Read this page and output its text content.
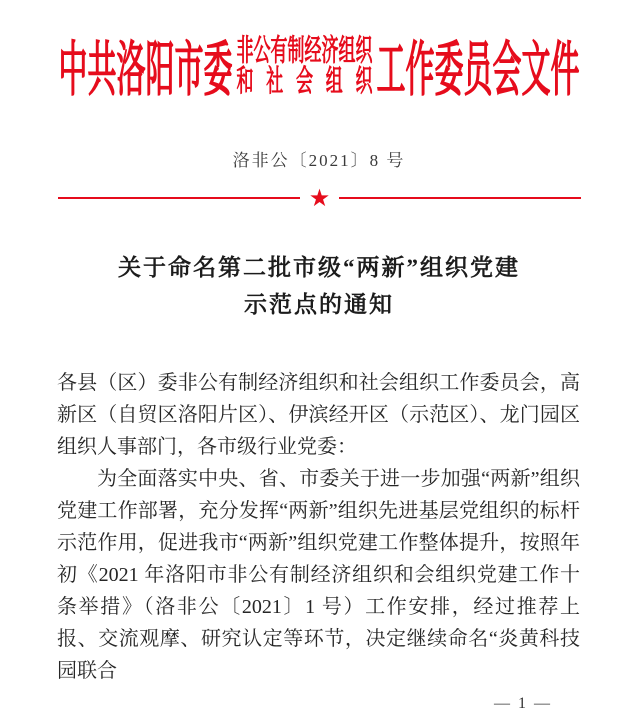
中共洛阳市委 非公有制经济组织
和社会组织 工作委员会文件
洛非公〔2021〕8 号
★
关于命名第二批市级“两新”组织党建
示范点的通知

各县（区）委非公有制经济组织和社会组织工作委员会，高新区（自贸区洛阳片区）、伊滨经开区（示范区）、龙门园区组织人事部门，各市级行业党委：

为全面落实中央、省、市委关于进一步加强“两新”组织党建工作部署，充分发挥“两新”组织先进基层党组织的标杆示范作用，促进我市“两新”组织党建工作整体提升，按照年初《2021 年洛阳市非公有制经济组织和会组织党建工作十条举措》（洛非公〔2021〕1 号）工作安排，经过推荐上报、交流观摩、研究认定等环节，决定继续命名“炎黄科技园联合

— 1 —
